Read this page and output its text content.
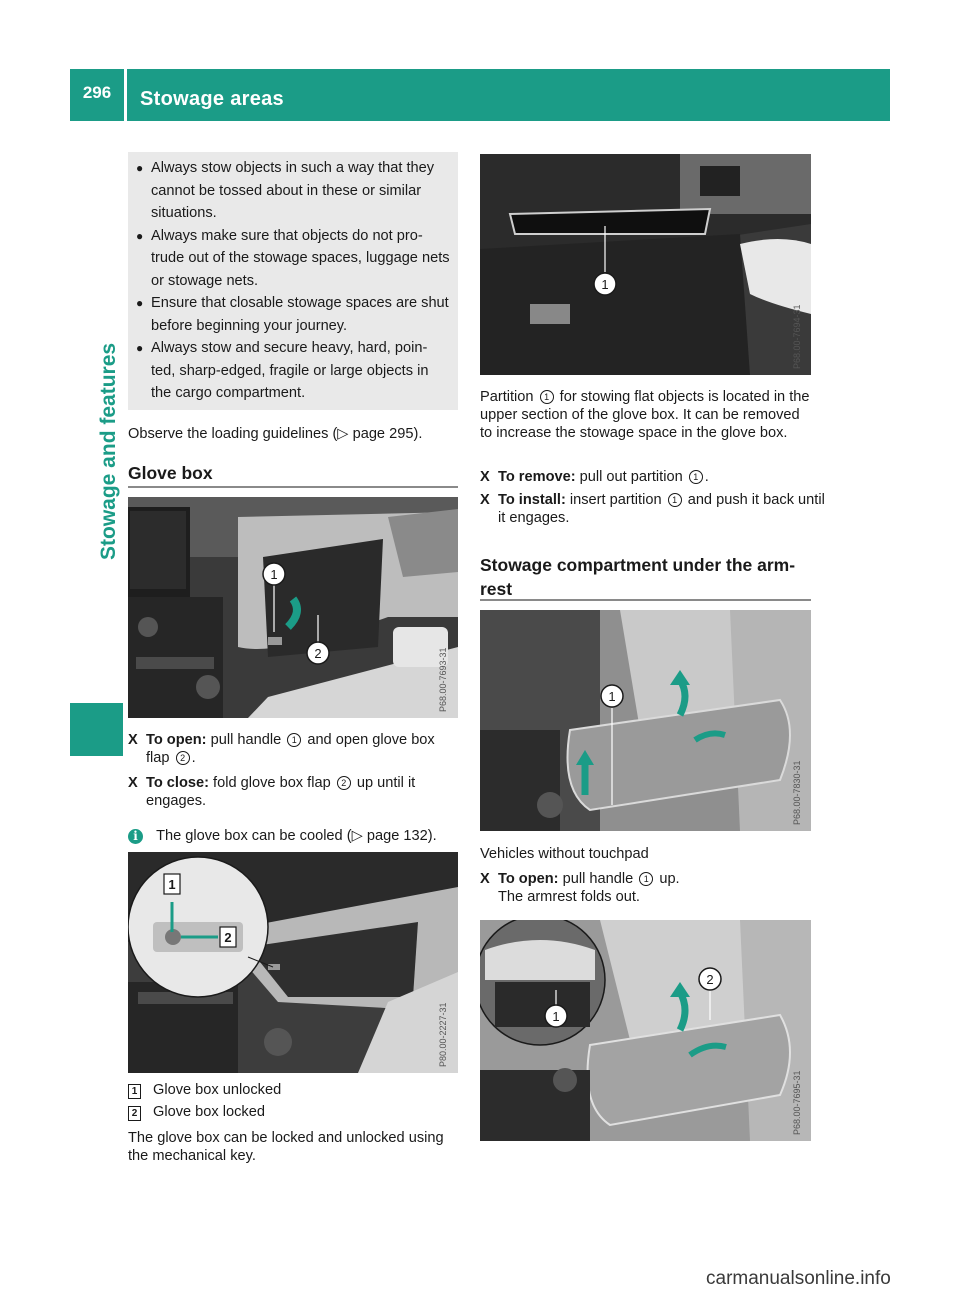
296	Stowage areas
Stowage and features
● Always stow objects in such a way that they cannot be tossed about in these or similar situations.
● Always make sure that objects do not pro-trude out of the stowage spaces, luggage nets or stowage nets.
● Ensure that closable stowage spaces are shut before beginning your journey.
● Always stow and secure heavy, hard, poin-ted, sharp-edged, fragile or large objects in the cargo compartment.
Observe the loading guidelines (▷ page 295).
Glove box
1
2	P68.00-7693-31
X To open: pull handle 1 and open glove box flap 2 .
X To close: fold glove box flap 2 up until it engages.
i The glove box can be cooled (▷ page 132).
1
2
P80.00-2227-31
1 Glove box unlocked
2 Glove box locked
The glove box can be locked and unlocked using the mechanical key.
1
P68.00-7694-31
Partition 1 for stowing flat objects is located in the upper section of the glove box. It can be removed to increase the stowage space in the glove box.
X To remove: pull out partition 1 .
X To install: insert partition 1 and push it back until it engages.
Stowage compartment under the arm-
rest
1
P68.00-7830-31
Vehicles without touchpad
X To open: pull handle 1 up.
The armrest folds out.
1
2
P68.00-7695-31
carmanualsonline.info
